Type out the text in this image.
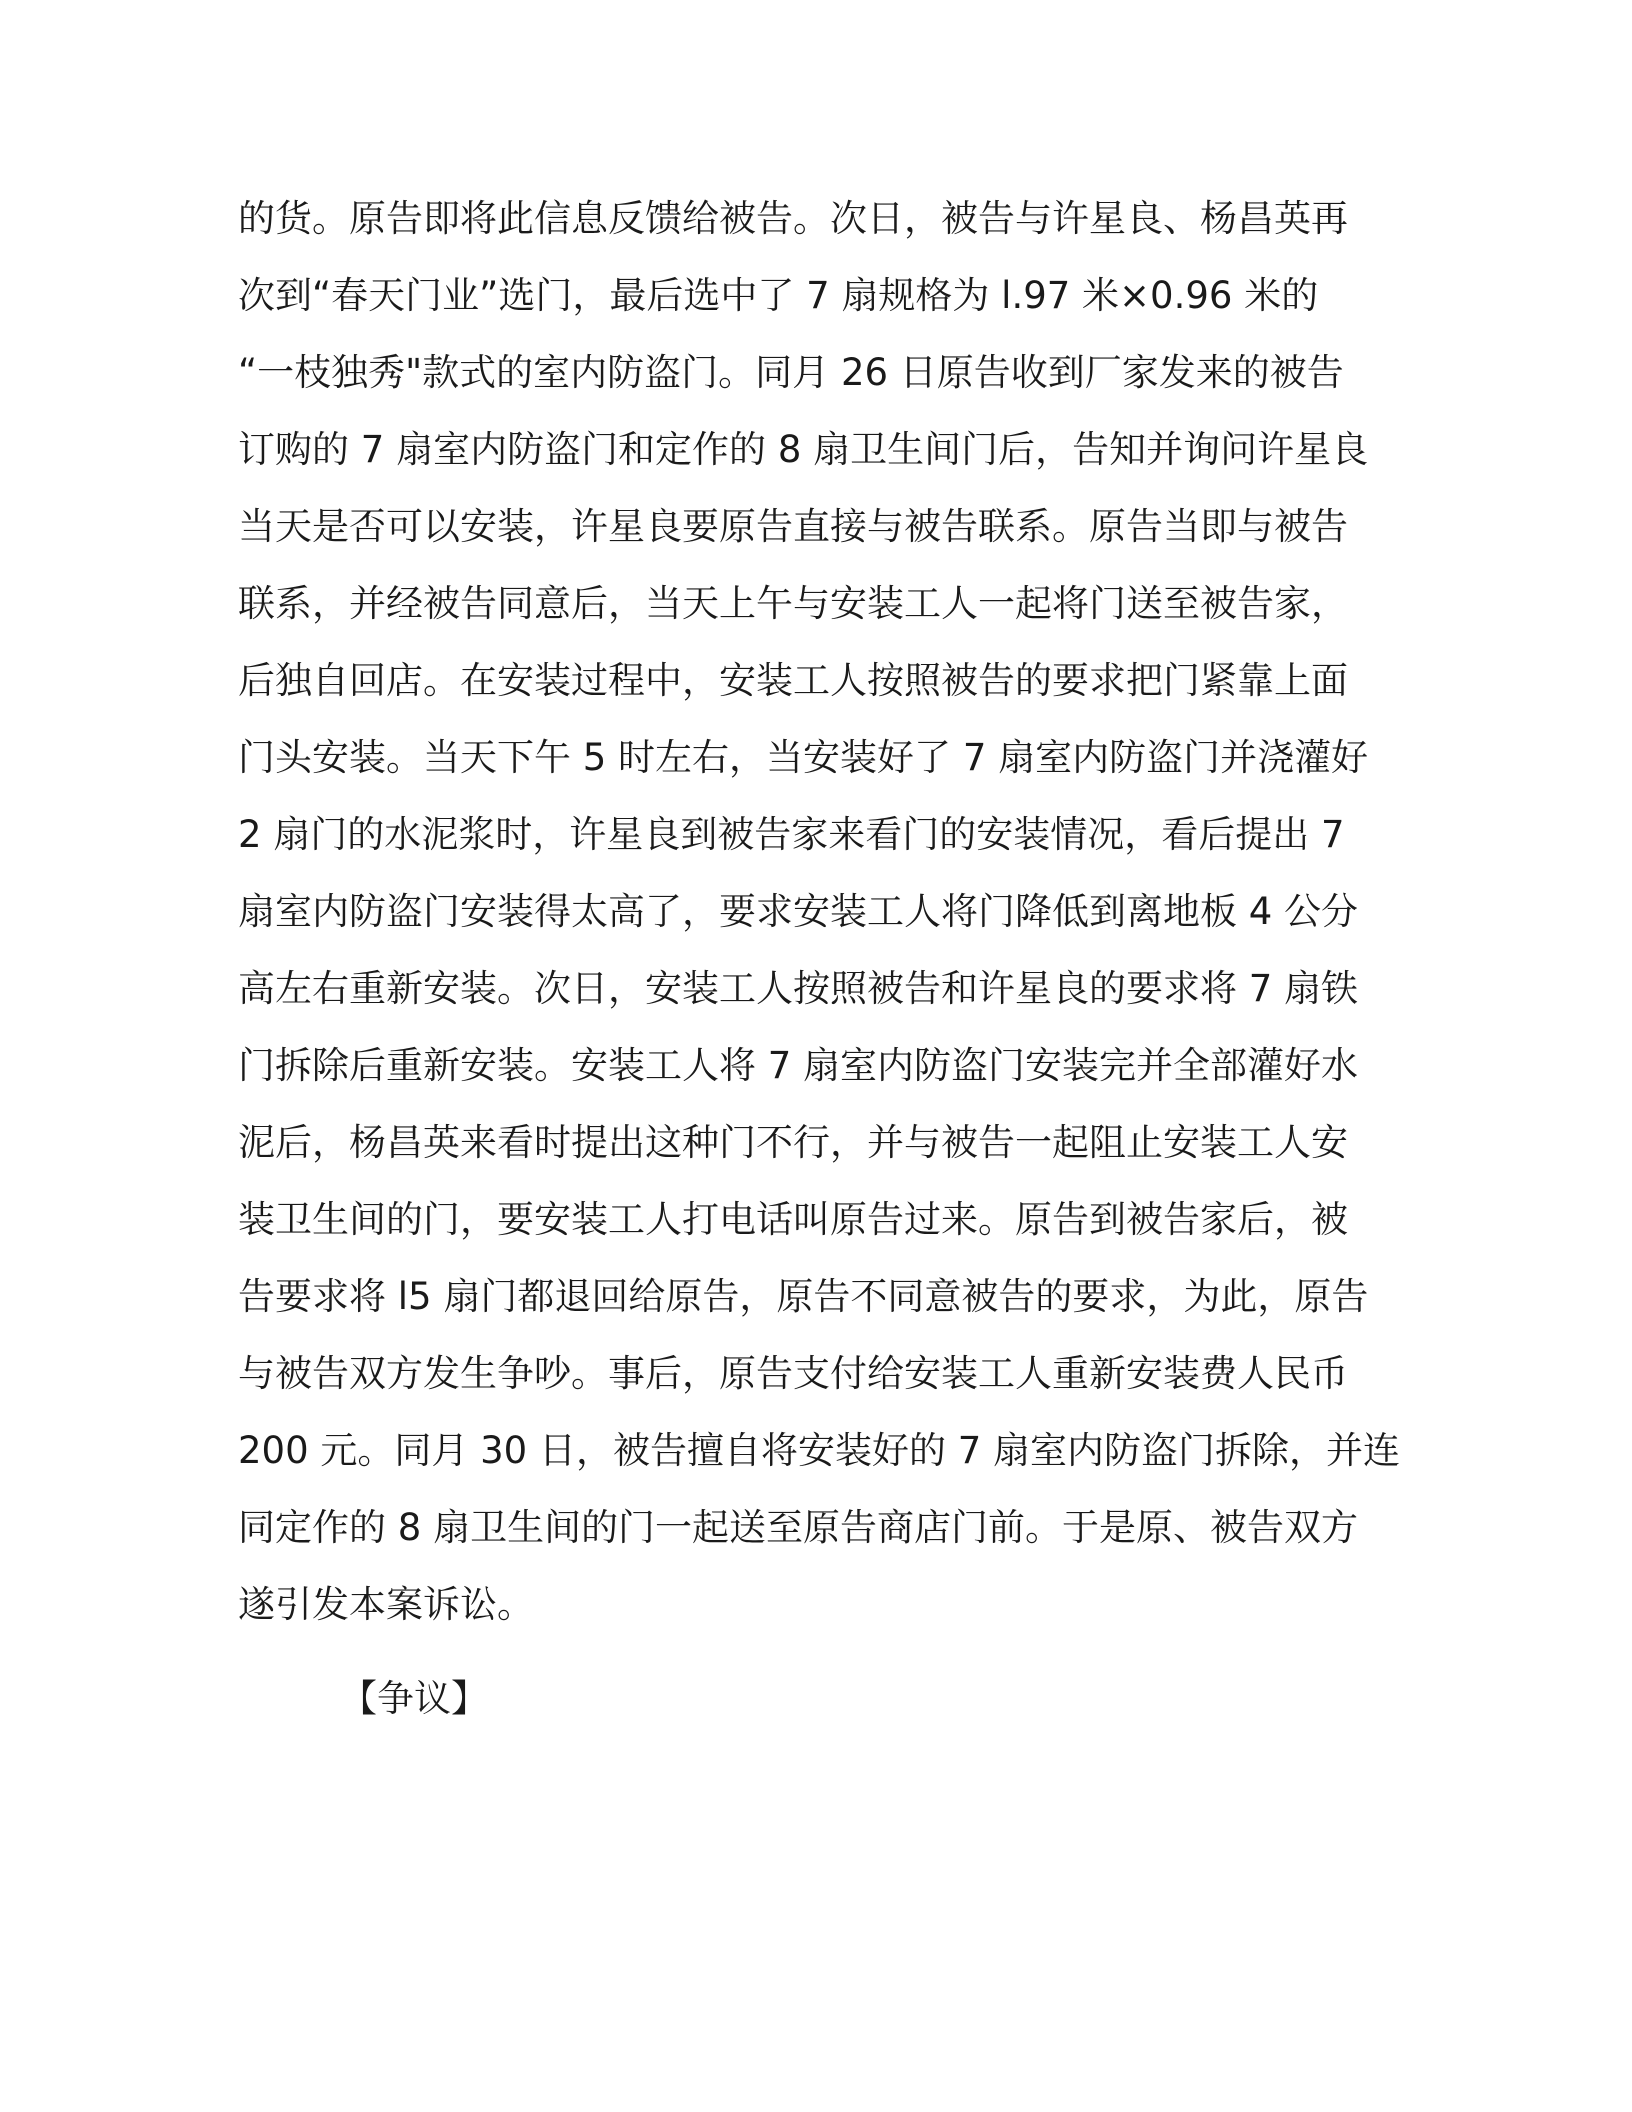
的货。原告即将此信息反馈给被告。次日，被告与许星良、杨昌英再
次到“春天门业”选门，最后选中了 7 扇规格为 l.97 米×0.96 米的
“一枝独秀"款式的室内防盗门。同月 26 日原告收到厂家发来的被告
订购的 7 扇室内防盗门和定作的 8 扇卫生间门后，告知并询问许星良
当天是否可以安装，许星良要原告直接与被告联系。原告当即与被告
联系，并经被告同意后，当天上午与安装工人一起将门送至被告家，
后独自回店。在安装过程中，安装工人按照被告的要求把门紧靠上面
门头安装。当天下午 5 时左右，当安装好了 7 扇室内防盗门并浇灌好
2 扇门的水泥浆时，许星良到被告家来看门的安装情况，看后提出 7
扇室内防盗门安装得太高了，要求安装工人将门降低到离地板 4 公分
高左右重新安装。次日，安装工人按照被告和许星良的要求将 7 扇铁
门拆除后重新安装。安装工人将 7 扇室内防盗门安装完并全部灌好水
泥后，杨昌英来看时提出这种门不行，并与被告一起阻止安装工人安
装卫生间的门，要安装工人打电话叫原告过来。原告到被告家后，被
告要求将 l5 扇门都退回给原告，原告不同意被告的要求，为此，原告
与被告双方发生争吵。事后，原告支付给安装工人重新安装费人民币
200 元。同月 30 日，被告擅自将安装好的 7 扇室内防盗门拆除，并连
同定作的 8 扇卫生间的门一起送至原告商店门前。于是原、被告双方
遂引发本案诉讼。
【争议】
